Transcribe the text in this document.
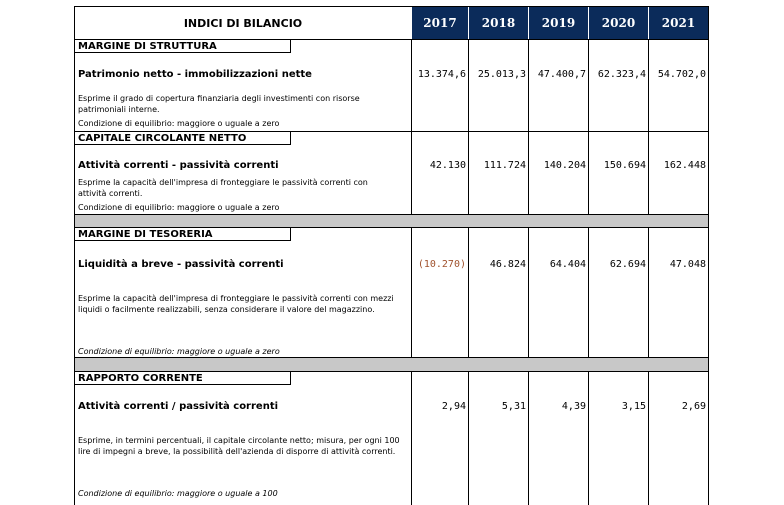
INDICI DI BILANCIO	2017	2018	2019	2020	2021
MARGINE DI STRUTTURA
Patrimonio netto - immobilizzazioni nette	13.374,6	25.013,3	47.400,7	62.323,4	54.702,0
Esprime il grado di copertura finanziaria degli investimenti con risorse patrimoniali interne.
Condizione di equilibrio: maggiore o uguale a zero
CAPITALE CIRCOLANTE NETTO
Attività correnti - passività correnti	42.130	111.724	140.204	150.694	162.448
Esprime la capacità dell'impresa di fronteggiare le passività correnti con attività correnti.
Condizione di equilibrio: maggiore o uguale a zero
MARGINE DI TESORERIA
Liquidità a breve - passività correnti	(10.270)	46.824	64.404	62.694	47.048
Esprime la capacità dell'impresa di fronteggiare le passività correnti con mezzi liquidi o facilmente realizzabili, senza considerare il valore del magazzino.
Condizione di equilibrio: maggiore o uguale a zero
RAPPORTO CORRENTE
Attività correnti / passività correnti	2,94	5,31	4,39	3,15	2,69
Esprime, in termini percentuali, il capitale circolante netto; misura, per ogni 100 lire di impegni a breve, la possibilità dell'azienda di disporre di attività correnti.
Condizione di equilibrio: maggiore o uguale a 100
